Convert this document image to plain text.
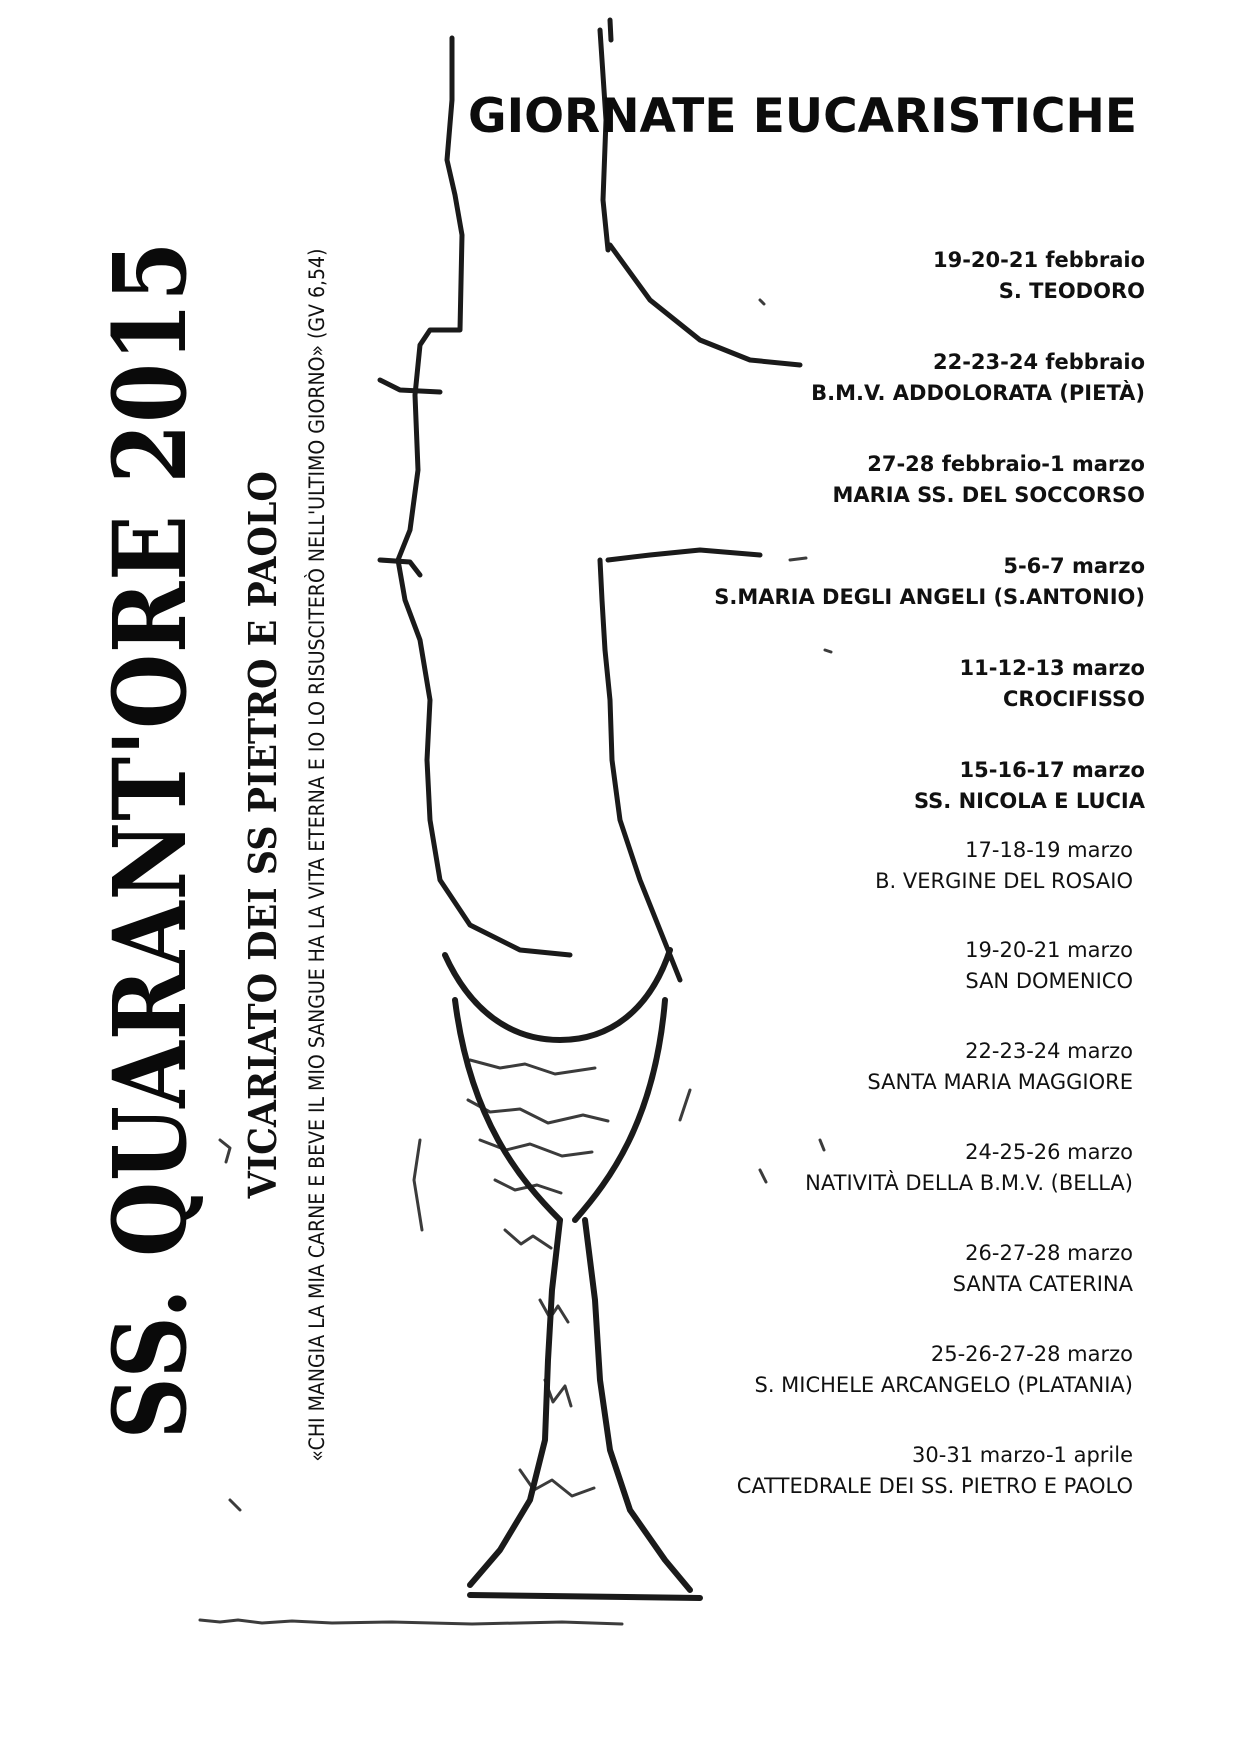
SS. QUARANT'ORE 2015 VICARIATO DEI SS PIETRO E PAOLO «CHI MANGIA LA MIA CARNE E BEVE IL MIO SANGUE HA LA VITA ETERNA E IO LO RISUSCITERÒ NELL'ULTIMO GIORNO» (GV 6,54)
GIORNATE EUCARISTICHE
19-20-21 febbraio
S. TEODORO
22-23-24 febbraio
B.M.V. ADDOLORATA (PIETÀ)
27-28 febbraio-1 marzo
MARIA SS. DEL SOCCORSO
5-6-7 marzo
S.MARIA DEGLI ANGELI (S.ANTONIO)
11-12-13 marzo
CROCIFISSO
15-16-17 marzo
SS. NICOLA E LUCIA
17-18-19 marzo
B. VERGINE DEL ROSAIO
19-20-21 marzo
SAN DOMENICO
22-23-24 marzo
SANTA MARIA MAGGIORE
24-25-26 marzo
NATIVITÀ DELLA B.M.V. (BELLA)
26-27-28 marzo
SANTA CATERINA
25-26-27-28 marzo
S. MICHELE ARCANGELO (PLATANIA)
30-31 marzo-1 aprile
CATTEDRALE DEI SS. PIETRO E PAOLO
